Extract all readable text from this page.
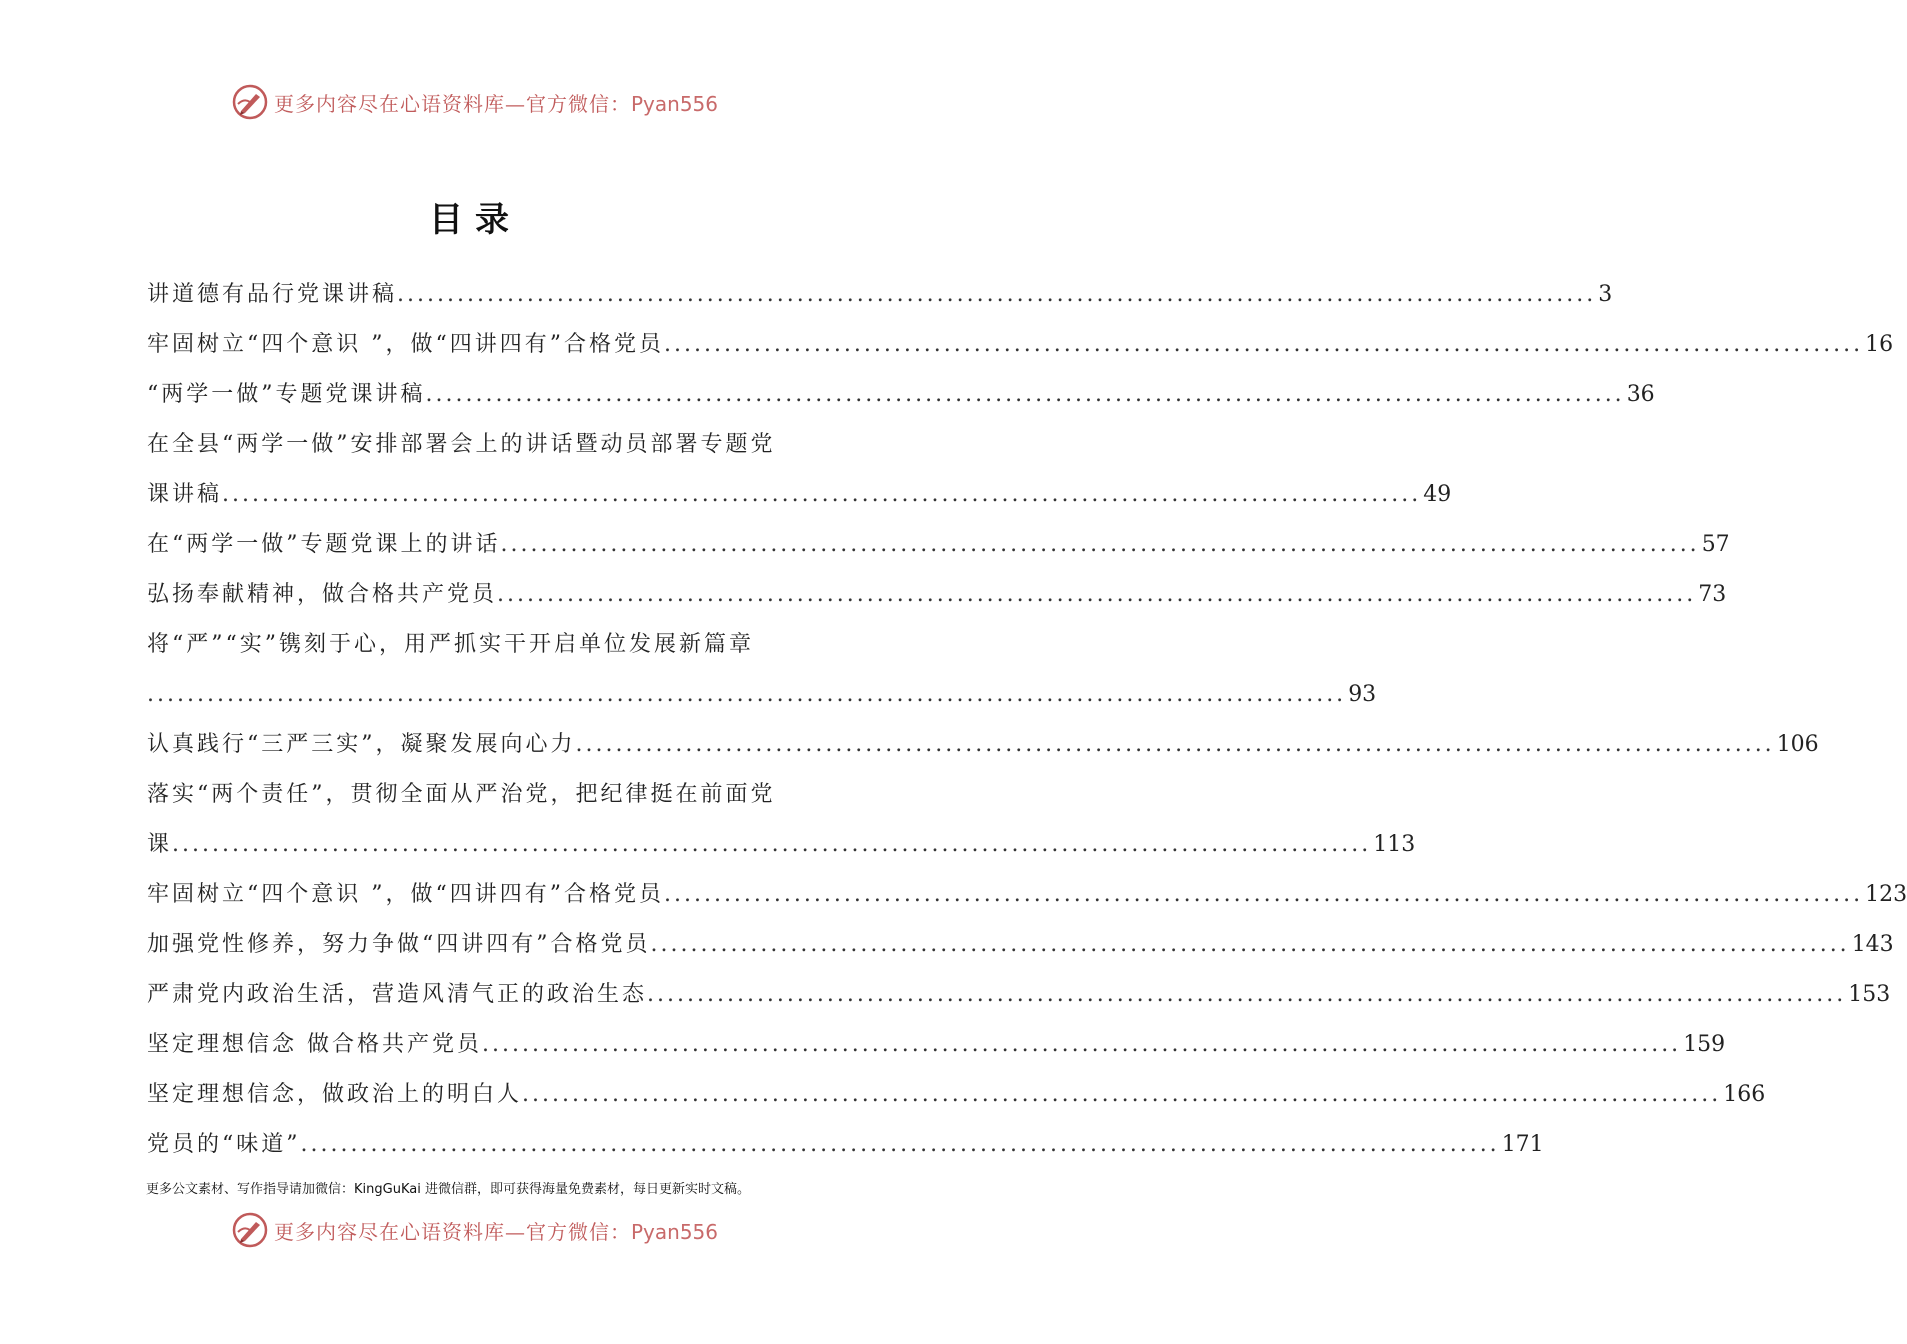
更多内容尽在心语资料库—官方微信：Pyan556
目录
讲道德有品行党课讲稿 ........................................................................................................................ 3
牢固树立“四个意识 ”，做“四讲四有”合格党员 ........................................................................................................................ 16
“两学一做”专题党课讲稿 ........................................................................................................................ 36
在全县“两学一做”安排部署会上的讲话暨动员部署专题党
课讲稿 ........................................................................................................................ 49
在“两学一做”专题党课上的讲话 ........................................................................................................................ 57
弘扬奉献精神，做合格共产党员 ........................................................................................................................ 73
将“严”“实”镌刻于心，用严抓实干开启单位发展新篇章
........................................................................................................................ 93
认真践行“三严三实”，凝聚发展向心力 ........................................................................................................................ 106
落实“两个责任”，贯彻全面从严治党，把纪律挺在前面党
课 ........................................................................................................................ 113
牢固树立“四个意识 ”，做“四讲四有”合格党员 ........................................................................................................................ 123
加强党性修养，努力争做“四讲四有”合格党员 ........................................................................................................................ 143
严肃党内政治生活，营造风清气正的政治生态 ........................................................................................................................ 153
坚定理想信念 做合格共产党员 ........................................................................................................................ 159
坚定理想信念，做政治上的明白人 ........................................................................................................................ 166
党员的“味道” ........................................................................................................................ 171
更多公文素材、写作指导请加微信：KingGuKai 进微信群，即可获得海量免费素材，每日更新实时文稿。
更多内容尽在心语资料库—官方微信：Pyan556
